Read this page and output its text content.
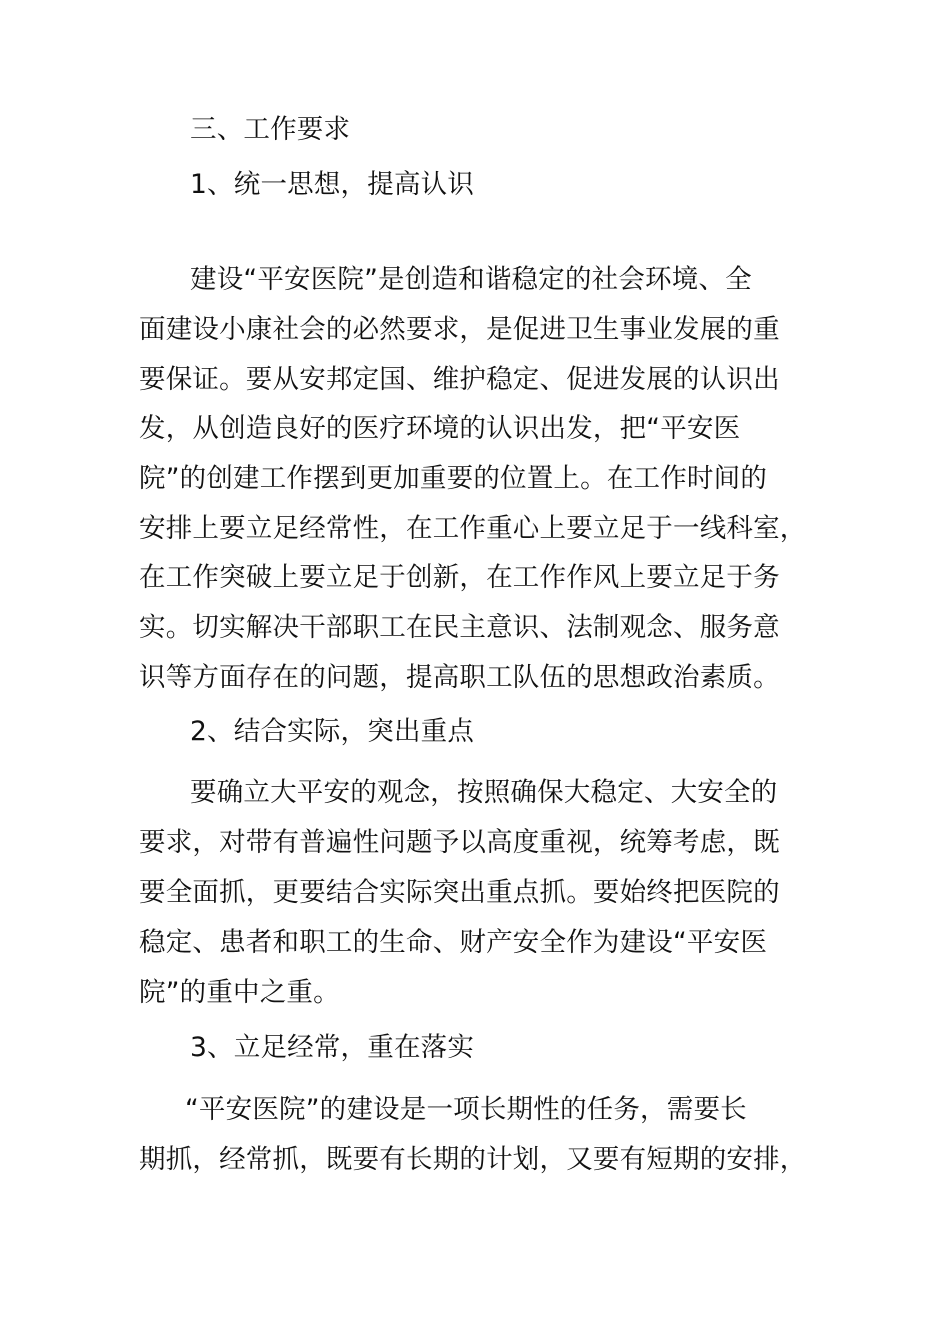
三、工作要求
1、统一思想，提高认识
建设“平安医院”是创造和谐稳定的社会环境、全
面建设小康社会的必然要求，是促进卫生事业发展的重
要保证。要从安邦定国、维护稳定、促进发展的认识出
发，从创造良好的医疗环境的认识出发，把“平安医
院”的创建工作摆到更加重要的位置上。在工作时间的
安排上要立足经常性，在工作重心上要立足于一线科室，
在工作突破上要立足于创新，在工作作风上要立足于务
实。切实解决干部职工在民主意识、法制观念、服务意
识等方面存在的问题，提高职工队伍的思想政治素质。
2、结合实际，突出重点
要确立大平安的观念，按照确保大稳定、大安全的
要求，对带有普遍性问题予以高度重视，统筹考虑，既
要全面抓，更要结合实际突出重点抓。要始终把医院的
稳定、患者和职工的生命、财产安全作为建设“平安医
院”的重中之重。
3、立足经常，重在落实
“平安医院”的建设是一项长期性的任务，需要长
期抓，经常抓，既要有长期的计划，又要有短期的安排，
